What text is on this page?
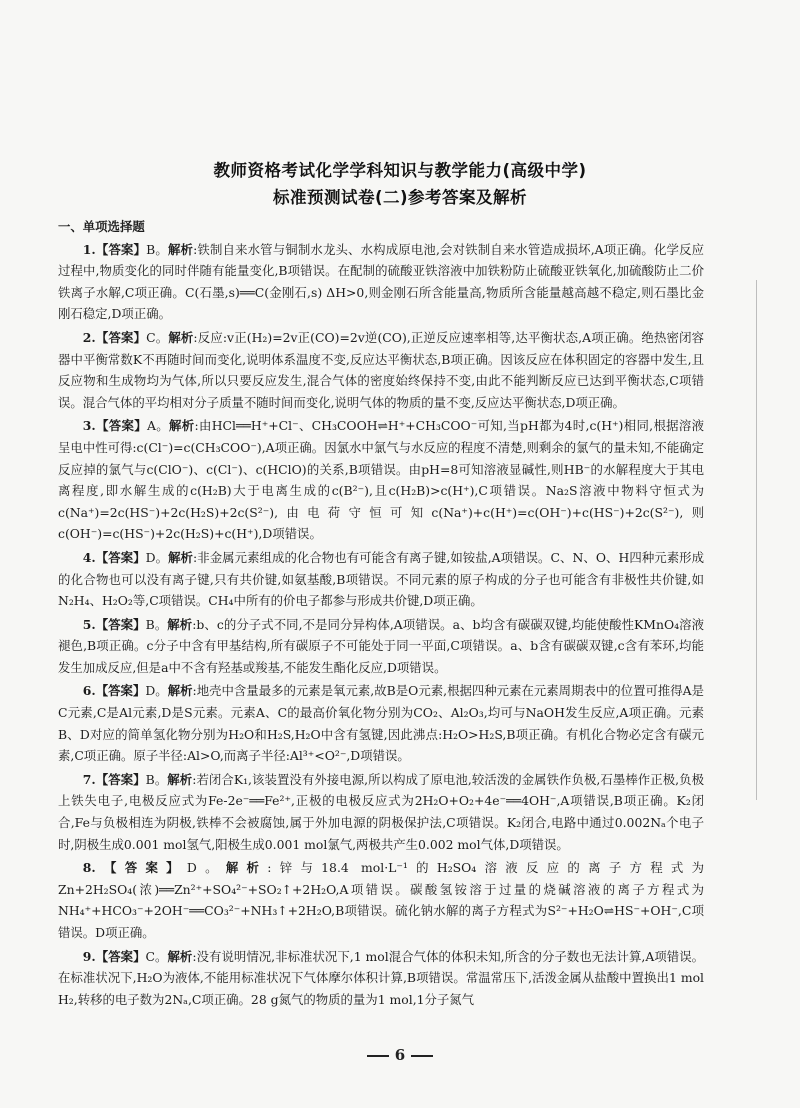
教师资格考试化学学科知识与教学能力(高级中学)
标准预测试卷(二)参考答案及解析
一、单项选择题
1.【答案】B。解析:铁制自来水管与铜制水龙头、水构成原电池,会对铁制自来水管造成损坏,A项正确。化学反应过程中,物质变化的同时伴随有能量变化,B项错误。在配制的硫酸亚铁溶液中加铁粉防止硫酸亚铁氧化,加硫酸防止二价铁离子水解,C项正确。C(石墨,s)══C(金刚石,s) ΔH>0,则金刚石所含能量高,物质所含能量越高越不稳定,则石墨比金刚石稳定,D项正确。
2.【答案】C。解析:反应:v正(H₂)=2v正(CO)=2v逆(CO),正逆反应速率相等,达平衡状态,A项正确。绝热密闭容器中平衡常数K不再随时间而变化,说明体系温度不变,反应达平衡状态,B项正确。因该反应在体积固定的容器中发生,且反应物和生成物均为气体,所以只要反应发生,混合气体的密度始终保持不变,由此不能判断反应已达到平衡状态,C项错误。混合气体的平均相对分子质量不随时间而变化,说明气体的物质的量不变,反应达平衡状态,D项正确。
3.【答案】A。解析:由HCl══H⁺+Cl⁻、CH₃COOH⇌H⁺+CH₃COO⁻可知,当pH都为4时,c(H⁺)相同,根据溶液呈电中性可得:c(Cl⁻)=c(CH₃COO⁻),A项正确。因氯水中氯气与水反应的程度不清楚,则剩余的氯气的量未知,不能确定反应掉的氯气与c(ClO⁻)、c(Cl⁻)、c(HClO)的关系,B项错误。由pH=8可知溶液显碱性,则HB⁻的水解程度大于其电离程度,即水解生成的c(H₂B)大于电离生成的c(B²⁻),且c(H₂B)>c(H⁺),C项错误。Na₂S溶液中物料守恒式为c(Na⁺)=2c(HS⁻)+2c(H₂S)+2c(S²⁻),由电荷守恒可知c(Na⁺)+c(H⁺)=c(OH⁻)+c(HS⁻)+2c(S²⁻),则c(OH⁻)=c(HS⁻)+2c(H₂S)+c(H⁺),D项错误。
4.【答案】D。解析:非金属元素组成的化合物也有可能含有离子键,如铵盐,A项错误。C、N、O、H四种元素形成的化合物也可以没有离子键,只有共价键,如氨基酸,B项错误。不同元素的原子构成的分子也可能含有非极性共价键,如N₂H₄、H₂O₂等,C项错误。CH₄中所有的价电子都参与形成共价键,D项正确。
5.【答案】B。解析:b、c的分子式不同,不是同分异构体,A项错误。a、b均含有碳碳双键,均能使酸性KMnO₄溶液褪色,B项正确。c分子中含有甲基结构,所有碳原子不可能处于同一平面,C项错误。a、b含有碳碳双键,c含有苯环,均能发生加成反应,但是a中不含有羟基或羧基,不能发生酯化反应,D项错误。
6.【答案】D。解析:地壳中含量最多的元素是氧元素,故B是O元素,根据四种元素在元素周期表中的位置可推得A是C元素,C是Al元素,D是S元素。元素A、C的最高价氧化物分别为CO₂、Al₂O₃,均可与NaOH发生反应,A项正确。元素B、D对应的简单氢化物分别为H₂O和H₂S,H₂O中含有氢键,因此沸点:H₂O>H₂S,B项正确。有机化合物必定含有碳元素,C项正确。原子半径:Al>O,而离子半径:Al³⁺<O²⁻,D项错误。
7.【答案】B。解析:若闭合K₁,该装置没有外接电源,所以构成了原电池,较活泼的金属铁作负极,石墨棒作正极,负极上铁失电子,电极反应式为Fe-2e⁻══Fe²⁺,正极的电极反应式为2H₂O+O₂+4e⁻══4OH⁻,A项错误,B项正确。K₂闭合,Fe与负极相连为阴极,铁棒不会被腐蚀,属于外加电源的阴极保护法,C项错误。K₂闭合,电路中通过0.002Nₐ个电子时,阴极生成0.001 mol氢气,阳极生成0.001 mol氯气,两极共产生0.002 mol气体,D项错误。
8.【答案】D。解析:锌与18.4 mol·L⁻¹的H₂SO₄溶液反应的离子方程式为Zn+2H₂SO₄(浓)══Zn²⁺+SO₄²⁻+SO₂↑+2H₂O,A项错误。碳酸氢铵溶于过量的烧碱溶液的离子方程式为NH₄⁺+HCO₃⁻+2OH⁻══CO₃²⁻+NH₃↑+2H₂O,B项错误。硫化钠水解的离子方程式为S²⁻+H₂O⇌HS⁻+OH⁻,C项错误。D项正确。
9.【答案】C。解析:没有说明情况,非标准状况下,1 mol混合气体的体积未知,所含的分子数也无法计算,A项错误。在标准状况下,H₂O为液体,不能用标准状况下气体摩尔体积计算,B项错误。常温常压下,活泼金属从盐酸中置换出1 mol H₂,转移的电子数为2Nₐ,C项正确。28 g氮气的物质的量为1 mol,1分子氮气
6
